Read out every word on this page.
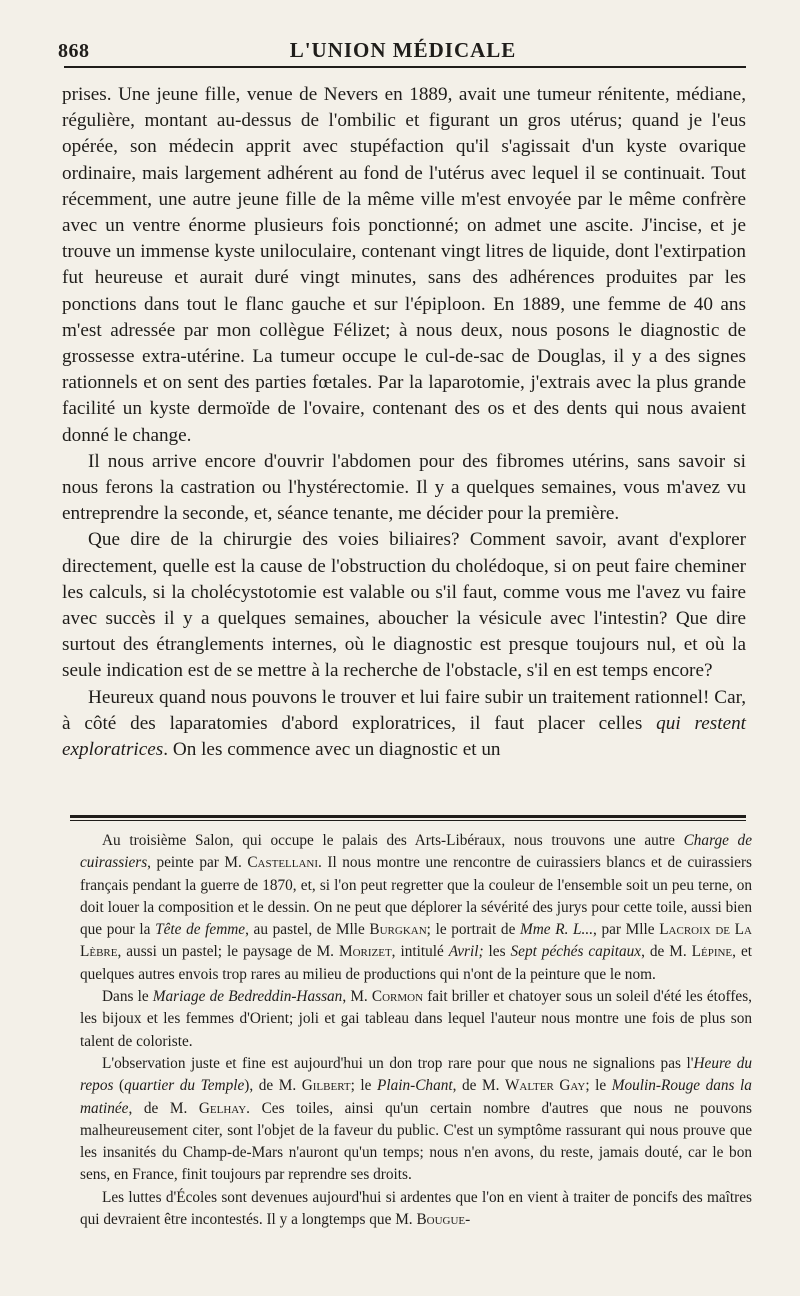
868	L'UNION MÉDICALE

prises. Une jeune fille, venue de Nevers en 1889, avait une tumeur rénitente, médiane, régulière, montant au-dessus de l'ombilic et figurant un gros utérus; quand je l'eus opérée, son médecin apprit avec stupéfaction qu'il s'agissait d'un kyste ovarique ordinaire, mais largement adhérent au fond de l'utérus avec lequel il se continuait. Tout récemment, une autre jeune fille de la même ville m'est envoyée par le même confrère avec un ventre énorme plusieurs fois ponctionné; on admet une ascite. J'incise, et je trouve un immense kyste uniloculaire, contenant vingt litres de liquide, dont l'extirpation fut heureuse et aurait duré vingt minutes, sans des adhérences produites par les ponctions dans tout le flanc gauche et sur l'épiploon. En 1889, une femme de 40 ans m'est adressée par mon collègue Félizet; à nous deux, nous posons le diagnostic de grossesse extra-utérine. La tumeur occupe le cul-de-sac de Douglas, il y a des signes rationnels et on sent des parties fœtales. Par la laparotomie, j'extrais avec la plus grande facilité un kyste dermoïde de l'ovaire, contenant des os et des dents qui nous avaient donné le change.

Il nous arrive encore d'ouvrir l'abdomen pour des fibromes utérins, sans savoir si nous ferons la castration ou l'hystérectomie. Il y a quelques semaines, vous m'avez vu entreprendre la seconde, et, séance tenante, me décider pour la première.

Que dire de la chirurgie des voies biliaires? Comment savoir, avant d'explorer directement, quelle est la cause de l'obstruction du cholédoque, si on peut faire cheminer les calculs, si la cholécystotomie est valable ou s'il faut, comme vous me l'avez vu faire avec succès il y a quelques semaines, aboucher la vésicule avec l'intestin? Que dire surtout des étranglements internes, où le diagnostic est presque toujours nul, et où la seule indication est de se mettre à la recherche de l'obstacle, s'il en est temps encore?

Heureux quand nous pouvons le trouver et lui faire subir un traitement rationnel! Car, à côté des laparatomies d'abord exploratrices, il faut placer celles qui restent exploratrices. On les commence avec un diagnostic et un

Au troisième Salon, qui occupe le palais des Arts-Libéraux, nous trouvons une autre Charge de cuirassiers, peinte par M. Castellani. Il nous montre une rencontre de cuirassiers blancs et de cuirassiers français pendant la guerre de 1870, et, si l'on peut regretter que la couleur de l'ensemble soit un peu terne, on doit louer la composition et le dessin. On ne peut que déplorer la sévérité des jurys pour cette toile, aussi bien que pour la Tête de femme, au pastel, de Mlle Burgkan; le portrait de Mme R. L..., par Mlle Lacroix de La Lèbre, aussi un pastel; le paysage de M. Morizet, intitulé Avril; les Sept péchés capitaux, de M. Lépine, et quelques autres envois trop rares au milieu de productions qui n'ont de la peinture que le nom.

Dans le Mariage de Bedreddin-Hassan, M. Cormon fait briller et chatoyer sous un soleil d'été les étoffes, les bijoux et les femmes d'Orient; joli et gai tableau dans lequel l'auteur nous montre une fois de plus son talent de coloriste.

L'observation juste et fine est aujourd'hui un don trop rare pour que nous ne signalions pas l'Heure du repos (quartier du Temple), de M. Gilbert; le Plain-Chant, de M. Walter Gay; le Moulin-Rouge dans la matinée, de M. Gelhay. Ces toiles, ainsi qu'un certain nombre d'autres que nous ne pouvons malheureusement citer, sont l'objet de la faveur du public. C'est un symptôme rassurant qui nous prouve que les insanités du Champ-de-Mars n'auront qu'un temps; nous n'en avons, du reste, jamais douté, car le bon sens, en France, finit toujours par reprendre ses droits.

Les luttes d'Écoles sont devenues aujourd'hui si ardentes que l'on en vient à traiter de poncifs des maîtres qui devraient être incontestés. Il y a longtemps que M. Bougue-
